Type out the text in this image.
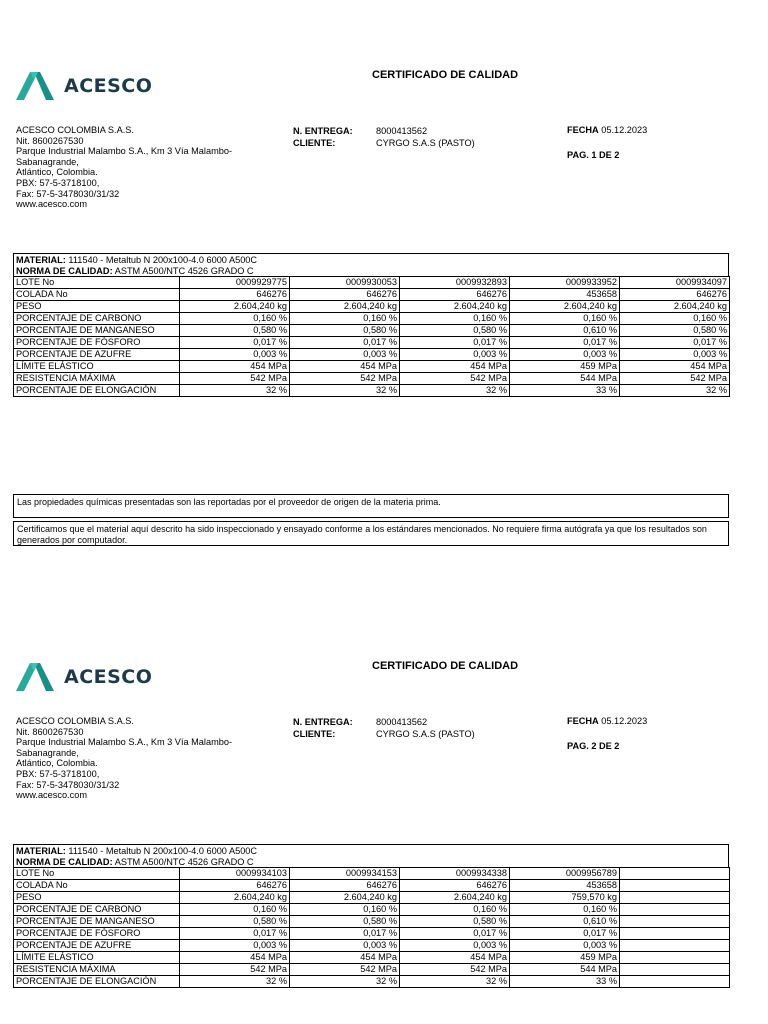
ACESCO	CERTIFICADO DE CALIDAD
ACESCO COLOMBIA S.A.S.
Nit. 8600267530
Parque Industrial Malambo S.A., Km 3 Vía Malambo-
Sabanagrande,
Atlántico, Colombia.
PBX: 57-5-3718100,
Fax: 57-5-3478030/31/32
www.acesco.com
N. ENTREGA:	8000413562
CLIENTE:	CYRGO S.A.S (PASTO)
FECHA 05.12.2023
PAG. 1 DE 2
MATERIAL: 111540 - Metaltub N 200x100-4.0 6000 A500C
NORMA DE CALIDAD: ASTM A500/NTC 4526 GRADO C
LOTE No	0009929775	0009930053	0009932893	0009933952	0009934097
COLADA No	646276	646276	646276	453658	646276
PESO	2.604,240 kg	2.604,240 kg	2.604,240 kg	2.604,240 kg	2.604,240 kg
PORCENTAJE DE CARBONO	0,160 %	0,160 %	0,160 %	0,160 %	0,160 %
PORCENTAJE DE MANGANESO	0,580 %	0,580 %	0,580 %	0,610 %	0,580 %
PORCENTAJE DE FÓSFORO	0,017 %	0,017 %	0,017 %	0,017 %	0,017 %
PORCENTAJE DE AZUFRE	0,003 %	0,003 %	0,003 %	0,003 %	0,003 %
LÍMITE ELÁSTICO	454 MPa	454 MPa	454 MPa	459 MPa	454 MPa
RESISTENCIA MÁXIMA	542 MPa	542 MPa	542 MPa	544 MPa	542 MPa
PORCENTAJE DE ELONGACIÓN	32 %	32 %	32 %	33 %	32 %
Las propiedades químicas presentadas son las reportadas por el proveedor de origen de la materia prima.
Certificamos que el material aquí descrito ha sido inspeccionado y ensayado conforme a los estándares mencionados. No requiere firma autógrafa ya que los resultados son generados por computador.
ACESCO	CERTIFICADO DE CALIDAD
ACESCO COLOMBIA S.A.S.
Nit. 8600267530
Parque Industrial Malambo S.A., Km 3 Vía Malambo-
Sabanagrande,
Atlántico, Colombia.
PBX: 57-5-3718100,
Fax: 57-5-3478030/31/32
www.acesco.com
N. ENTREGA:	8000413562
CLIENTE:	CYRGO S.A.S (PASTO)
FECHA 05.12.2023
PAG. 2 DE 2
MATERIAL: 111540 - Metaltub N 200x100-4.0 6000 A500C
NORMA DE CALIDAD: ASTM A500/NTC 4526 GRADO C
LOTE No	0009934103	0009934153	0009934338	0009956789	
COLADA No	646276	646276	646276	453658	
PESO	2.604,240 kg	2.604,240 kg	2.604,240 kg	759,570 kg	
PORCENTAJE DE CARBONO	0,160 %	0,160 %	0,160 %	0,160 %	
PORCENTAJE DE MANGANESO	0,580 %	0,580 %	0,580 %	0,610 %	
PORCENTAJE DE FÓSFORO	0,017 %	0,017 %	0,017 %	0,017 %	
PORCENTAJE DE AZUFRE	0,003 %	0,003 %	0,003 %	0,003 %	
LÍMITE ELÁSTICO	454 MPa	454 MPa	454 MPa	459 MPa	
RESISTENCIA MÁXIMA	542 MPa	542 MPa	542 MPa	544 MPa	
PORCENTAJE DE ELONGACIÓN	32 %	32 %	32 %	33 %	
